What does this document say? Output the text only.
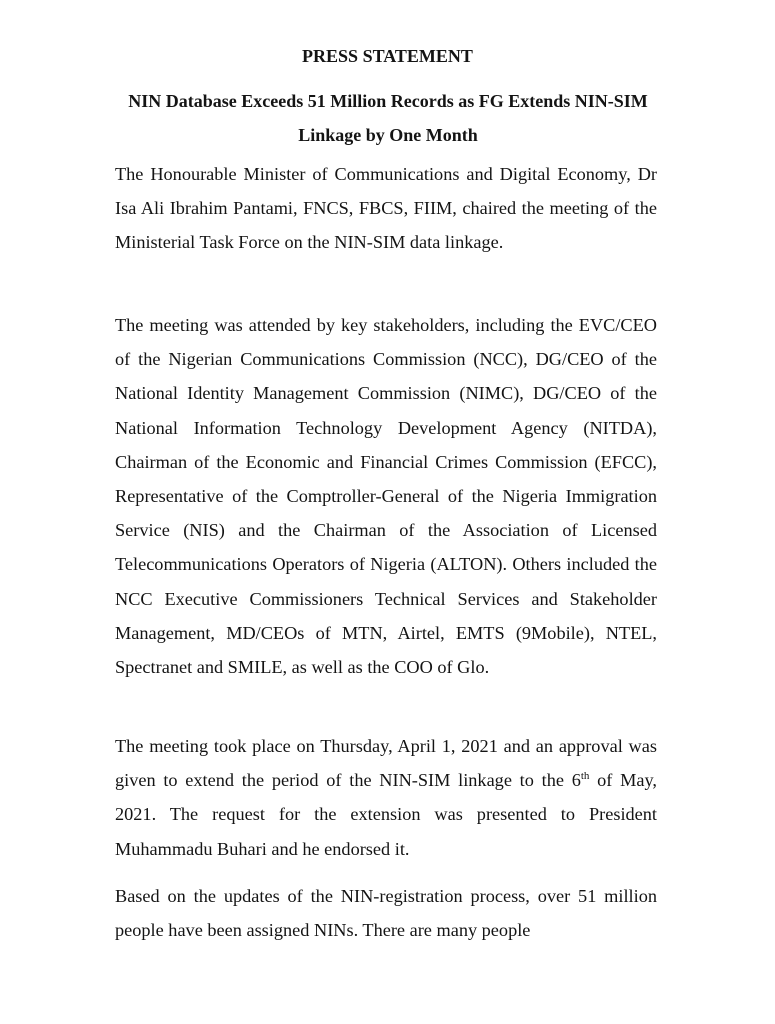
PRESS STATEMENT

NIN Database Exceeds 51 Million Records as FG Extends NIN-SIM Linkage by One Month

The Honourable Minister of Communications and Digital Economy, Dr Isa Ali Ibrahim Pantami, FNCS, FBCS, FIIM, chaired the meeting of the Ministerial Task Force on the NIN-SIM data linkage.

The meeting was attended by key stakeholders, including the EVC/CEO of the Nigerian Communications Commission (NCC), DG/CEO of the National Identity Management Commission (NIMC), DG/CEO of the National Information Technology Development Agency (NITDA), Chairman of the Economic and Financial Crimes Commission (EFCC), Representative of the Comptroller-General of the Nigeria Immigration Service (NIS) and the Chairman of the Association of Licensed Telecommunications Operators of Nigeria (ALTON). Others included the NCC Executive Commissioners Technical Services and Stakeholder Management, MD/CEOs of MTN, Airtel, EMTS (9Mobile), NTEL, Spectranet and SMILE, as well as the COO of Glo.

The meeting took place on Thursday, April 1, 2021 and an approval was given to extend the period of the NIN-SIM linkage to the 6th of May, 2021. The request for the extension was presented to President Muhammadu Buhari and he endorsed it.

Based on the updates of the NIN-registration process, over 51 million people have been assigned NINs. There are many people
